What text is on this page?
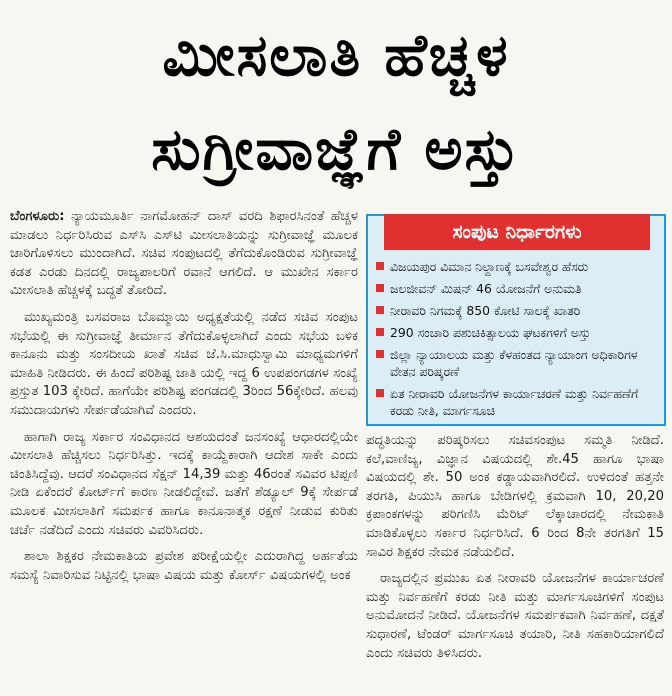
ಮೀಸಲಾತಿ ಹೆಚ್ಚಳ
ಸುಗ್ರೀವಾಜ್ಞೆಗೆ ಅಸ್ತು

ಬೆಂಗಳೂರು: ನ್ಯಾಯಮೂರ್ತಿ ನಾಗಮೋಹನ್ ದಾಸ್ ವರದಿ ಶಿಫಾರಸಿನಂತೆ ಹೆಚ್ಚಳ ಮಾಡಲು ನಿರ್ಧರಿಸಿರುವ ಎಸ್‌ಸಿ ಎಸ್‌ಟಿ ಮೀಸಲಾತಿಯನ್ನು ಸುಗ್ರೀವಾಜ್ಞೆ ಮೂಲಕ ಜಾರಿಗೊಳಿಸಲು ಮುಂದಾಗಿದೆ. ಸಚಿವ ಸಂಪುಟದಲ್ಲಿ ತೆಗೆದುಕೊಂಡಿರುವ ಸುಗ್ರೀವಾಜ್ಞೆ ಕಡತ ಎರಡು ದಿನದಲ್ಲಿ ರಾಜ್ಯಪಾಲರಿಗೆ ರವಾನೆ ಆಗಲಿದೆ. ಆ ಮುಖೇನ ಸರ್ಕಾರ ಮೀಸಲಾತಿ ಹೆಚ್ಚಳಕ್ಕೆ ಬದ್ಧತೆ ತೋರಿದೆ.

ಮುಖ್ಯಮಂತ್ರಿ ಬಸವರಾಜ ಬೊಮ್ಮಾಯಿ ಅಧ್ಯಕ್ಷತೆಯಲ್ಲಿ ನಡೆದ ಸಚಿವ ಸಂಪುಟ ಸಭೆಯಲ್ಲಿ ಈ ಸುಗ್ರೀವಾಜ್ಞೆ ತೀರ್ಮಾನ ತೆಗೆದುಕೊಳ್ಳಲಾಗಿದೆ ಎಂದು ಸಭೆಯ ಬಳಿಕ ಕಾನೂನು ಮತ್ತು ಸಂಸದೀಯ ಖಾತೆ ಸಚಿವ ಜೆ.ಸಿ.ಮಾಧುಸ್ವಾಮಿ ಮಾಧ್ಯಮಗಳಿಗೆ ಮಾಹಿತಿ ನೀಡಿದರು. ಈ ಹಿಂದೆ ಪರಿಶಿಷ್ಟ ಜಾತಿ ಯಲ್ಲಿ ಇದ್ದ 6 ಉಪಪಂಗಡಗಳ ಸಂಖ್ಯೆ ಪ್ರಸ್ತುತ 103 ಕ್ಕೇರಿದೆ. ಹಾಗೆಯೇ ಪರಿಶಿಷ್ಟ ಪಂಗಡದಲ್ಲಿ 3ರಿಂದ 56ಕ್ಕೇರಿದೆ. ಹಲವು ಸಮುದಾಯಗಳು ಸೇರ್ಪಡೆಯಾಗಿವೆ ಎಂದರು.

ಹಾಗಾಗಿ ರಾಜ್ಯ ಸರ್ಕಾರ ಸಂವಿಧಾನದ ಆಶಯದಂತೆ ಜನಸಂಖ್ಯೆ ಆಧಾರದಲ್ಲಿಯೇ ಮೀಸಲಾತಿ ಹೆಚ್ಚಿಸಲು ನಿರ್ಧರಿಸಿತ್ತು. ಇದಕ್ಕೆ ಕಾಯ್ದೆಕಾರಾಗಿ ಆದೇಶ ಸಾಕೇ ಎಂದು ಚಿಂತಿಸಿದ್ದೆವು. ಆದರೆ ಸಂವಿಧಾನದ ಸೆಕ್ಷನ್ 14,39 ಮತ್ತು 46ರಂತೆ ಸವಿವರ ಟಿಪ್ಪಣಿ ನೀಡಿ ಏಕೆಂದರೆ ಕೋರ್ಟ್‌ಗೆ ಕಾರಣ ನೀಡಲಿದ್ದೇವೆ. ಜತೆಗೆ ಶೆಡ್ಯೂಲ್ 9ಕ್ಕೆ ಸೇರ್ಪಡೆ ಮೂಲಕ ಮೀಸಲಾತಿಗೆ ಸಮರ್ಪಕ ಹಾಗೂ ಕಾನೂನಾತ್ಮಕ ರಕ್ಷಣೆ ನೀಡುವ ಕುರಿತು ಚರ್ಚೆ ನಡೆದಿದೆ ಎಂದು ಸಚಿವರು ವಿವರಿಸಿದರು.

ಶಾಲಾ ಶಿಕ್ಷಕರ ನೇಮಕಾತಿಯ ಪ್ರವೇಶ ಪರೀಕ್ಷೆಯಲ್ಲೀ ಎದುರಾಗಿದ್ದ ಅರ್ಹತೆಯ ಸಮಸ್ಯೆ ನಿವಾರಿಸುವ ನಿಟ್ಟಿನಲ್ಲಿ ಭಾಷಾ ವಿಷಯ ಮತ್ತು ಕೋರ್ಸ್ ವಿಷಯಗಳಲ್ಲಿ ಅಂಕ

ಸಂಪುಟ ನಿರ್ಧಾರಗಳು
ವಿಜಯಪುರ ವಿಮಾನ ನಿಲ್ದಾಣಕ್ಕೆ ಬಸವೇಶ್ವರ ಹೆಸರು
ಜಲಜೀವನ್ ಮಿಷನ್ 46 ಯೋಜನೆಗೆ ಅನುಮತಿ
ನೀರಾವರಿ ನಿಗಮಕ್ಕೆ 850 ಕೋಟಿ ಸಾಲಕ್ಕೆ ಖಾತರಿ
290 ಸಂಚಾರಿ ಪಶುಚಿಕಿತ್ಸಾಲಯ ಘಟಕಗಳಿಗೆ ಅಸ್ತು
ಜಿಲ್ಲಾ ನ್ಯಾಯಾಲಯ ಮತ್ತು ಕೆಳಹಂತದ ನ್ಯಾಯಾಂಗ ಅಧಿಕಾರಿಗಳ ವೇತನ ಪರಿಷ್ಕರಣೆ
ಏತ ನೀರಾವರಿ ಯೋಜನೆಗಳ ಕಾರ್ಯಾಚರಣೆ ಮತ್ತು ನಿರ್ವಹಣೆಗೆ ಕರಡು ನೀತಿ, ಮಾರ್ಗಸೂಚಿ

ಪದ್ಧತಿಯನ್ನು ಪರಿಷ್ಕರಿಸಲು ಸಚಿವಸಂಪುಟ ಸಮ್ಮತಿ ನೀಡಿದೆ. ಕಲೆ,ವಾಣಿಜ್ಯ, ವಿಜ್ಞಾನ ವಿಷಯದಲ್ಲಿ ಶೇ.45 ಹಾಗೂ ಭಾಷಾ ವಿಷಯದಲ್ಲಿ ಶೇ. 50 ಅಂಕ ಕಡ್ಡಾಯವಾಗಿರಲಿದೆ. ಉಳಿದಂತೆ ಹತ್ತನೇ ತರಗತಿ, ಪಿಯುಸಿ ಹಾಗೂ ಬೇಡಿಗಳಲ್ಲಿ ಕ್ರಮವಾಗಿ 10, 20,20 ಕ್ರಪಾಂಕಗಳನ್ನು ಪರಿಗಣಿಸಿ ಮೆರಿಟ್ ಲೆಕ್ಕಾಚಾರದಲ್ಲಿ ನೇಮಕಾತಿ ಮಾಡಿಕೊಳ್ಳಲು ಸರ್ಕಾರ ನಿರ್ಧರಿಸಿದೆ. 6 ರಿಂದ 8ನೇ ತರಗತಿಗೆ 15 ಸಾವಿರ ಶಿಕ್ಷಕರ ನೇಮಕ ನಡೆಯಲಿದೆ.

ರಾಜ್ಯದಲ್ಲಿನ ಪ್ರಮುಖ ಏತ ನೀರಾವರಿ ಯೋಜನೆಗಳ ಕಾರ್ಯಾಚರಣೆ ಮತ್ತು ನಿರ್ವಹಣೆಗೆ ಕರಡು ನೀತಿ ಮತ್ತು ಮಾರ್ಗಸೂಚಿಗಳಿಗೆ ಸಂಪುಟ ಅನುಮೋದನೆ ನೀಡಿದೆ. ಯೋಜನೆಗಳ ಸಮರ್ಪಕವಾಗಿ ನಿರ್ವಹಣೆ, ದಕ್ಷತೆ ಸುಧಾರಣೆ, ಟೆಂಡರ್ ಮಾರ್ಗಸೂಚಿ ತಯಾರಿ, ನೀತಿ ಸಹಕಾರಿಯಾಗಲಿದೆ ಎಂದು ಸಚಿವರು ತಿಳಿಸಿದರು.
